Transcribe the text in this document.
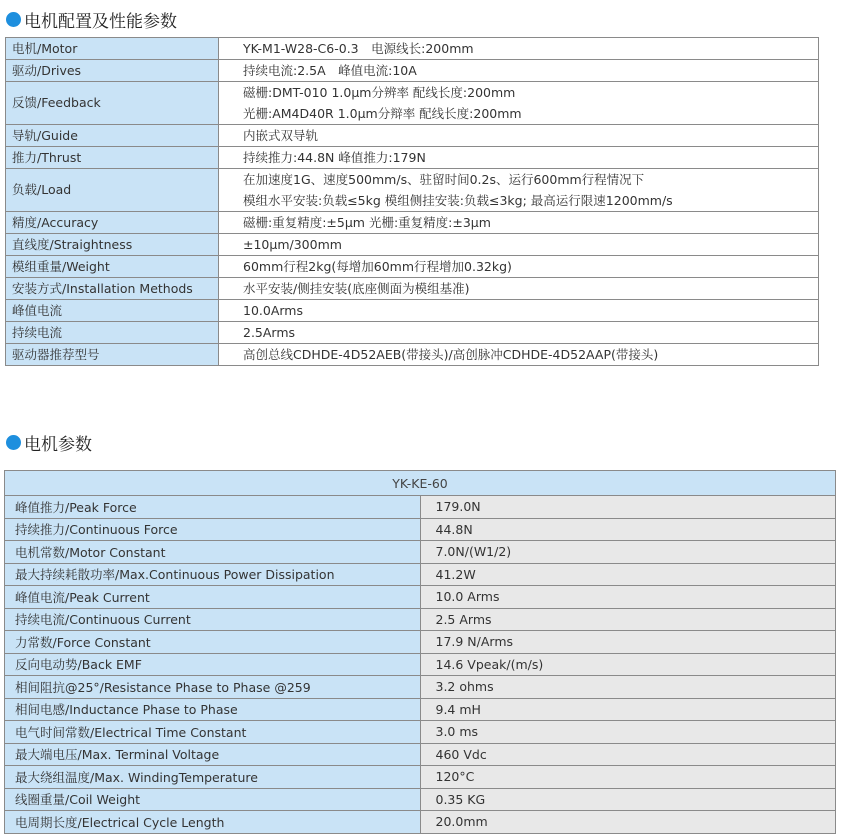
电机配置及性能参数
电机/Motor	YK-M1-W28-C6-0.3　电源线长:200mm

驱动/Drives	持续电流:2.5A　峰值电流:10A

反馈/Feedback	磁栅:DMT-010 1.0µm分辨率 配线长度:200mm
光栅:AM4D40R 1.0µm分辩率 配线长度:200mm

导轨/Guide	内嵌式双导轨

推力/Thrust	持续推力:44.8N 峰值推力:179N

负载/Load	在加速度1G、速度500mm/s、驻留时间0.2s、运行600mm行程情况下
模组水平安装:负载≤5kg 模组侧挂安装:负载≤3kg; 最高运行限速1200mm/s

精度/Accuracy	磁栅:重复精度:±5µm 光栅:重复精度:±3µm

直线度/Straightness	±10µm/300mm

模组重量/Weight	60mm行程2kg(每增加60mm行程增加0.32kg)

安装方式/Installation Methods	水平安装/侧挂安装(底座侧面为模组基准)

峰值电流	10.0Arms

持续电流	2.5Arms

驱动器推荐型号	高创总线CDHDE-4D52AEB(带接头)/高创脉冲CDHDE-4D52AAP(带接头)
电机参数
YK-KE-60	
峰值推力/Peak Force	179.0N
持续推力/Continuous Force	44.8N
电机常数/Motor Constant	7.0N/(W1/2)
最大持续耗散功率/Max.Continuous Power Dissipation	41.2W
峰值电流/Peak Current	10.0 Arms
持续电流/Continuous Current	2.5 Arms
力常数/Force Constant	17.9 N/Arms
反向电动势/Back EMF	14.6 Vpeak/(m/s)
相间阻抗@25°/Resistance Phase to Phase @259	3.2 ohms
相间电感/Inductance Phase to Phase	9.4 mH
电气时间常数/Electrical Time Constant	3.0 ms
最大端电压/Max. Terminal Voltage	460 Vdc
最大绕组温度/Max. WindingTemperature	120°C
线圈重量/Coil Weight	0.35 KG
电周期长度/Electrical Cycle Length	20.0mm
